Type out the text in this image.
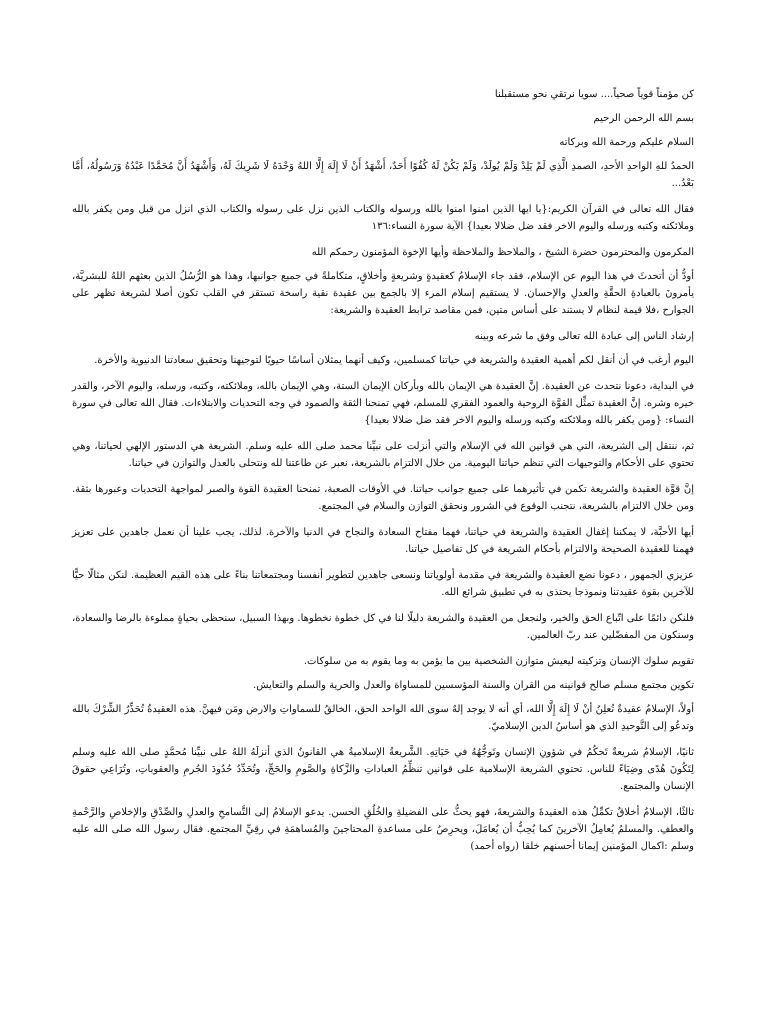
كن مؤمناً قوياً صحياً.... سويا نرتقي نحو مستقبلنا

بسم الله الرحمن الرحيم

السلام عليكم ورحمة الله وبركاته

الحمدُ للهِ الواحدِ الأحدِ، الصمدِ الَّذِي لَمْ يَلِدْ وَلَمْ يُولَدْ، وَلَمْ يَكُنْ لَهُ كُفُوًا أَحَدٌ، أَشْهَدُ أَنْ لَا إِلَهَ إِلَّا اللهُ وَحْدَهُ لَا شَرِيكَ لَهُ، وَأَشْهَدُ أَنَّ مُحَمَّدًا عَبْدُهُ وَرَسُولُهُ، أَمَّا بَعْدُ...

فقال الله تعالى في القرآن الكريم:{يا ايها الذين امنوا امنوا بالله ورسوله والكتاب الذين نزل على رسوله والكتاب الذي انزل من قبل ومن يكفر بالله وملائكته وكتبه ورسله واليوم الاخر فقد ضل ضلالا بعيدا} الآية سورة النساء:١٣٦

المكرمون والمحترمون حضرة الشيخ ، والملاحظ والملاحظة وأيها الإخوة المؤمنون رحمكم الله

أودُّ أن أتحدثَ في هذا اليوم عن الإسلام، فقد جاء الإسلامُ كعقيدةٍ وشريعةٍ وأخلاقٍ، متكاملةً في جميع جوانبها، وهذا هو الرُّسُلُ الذين بعثهم اللهُ للبشريَّة، يأمرونَ بالعبادةِ الحقَّةِ والعدلِ والإحسان. لا يستقيم إسلام المرء إلا بالجمع بين عقيدة نقية راسخة تستقر في القلب تكون أصلا لشريعة تظهر على الجوارح ،فلا قيمة لنظام لا يستند على أساس متين، فمن مقاصد ترابط العقيدة والشريعة:

إرشاد الناس إلى عبادة الله تعالى وفق ما شرعه وبينه

اليوم أرغب في أن أنقل لكم أهمية العقيدة والشريعة في حياتنا كمسلمين، وكيف أنهما يمثلان أساسًا حيويًا لتوجيهنا وتحقيق سعادتنا الدنيوية والأخرة.

في البداية، دعونا نتحدث عن العقيدة. إنَّ العقيدة هي الإيمان بالله وبأركان الإيمان الستة، وهي الإيمان بالله، وملائكته، وكتبه، ورسله، واليوم الآخر، والقدر خيره وشره. إنَّ العقيدة تمثِّل القوَّة الروحية والعمود الفقري للمسلم، فهي تمنحنا الثقة والصمود في وجه التحديات والابتلاءات. فقال الله تعالى في سورة النساء: {ومن يكفر بالله وملائكته وكتبه ورسله واليوم الاخر فقد ضل ضلالا بعيدا}

ثم، ننتقل إلى الشريعة، التي هي قوانين الله في الإسلام والتي أنزلت على نبيِّنا محمد صلى الله عليه وسلم. الشريعة هي الدستور الإلهي لحياتنا، وهي تحتوي على الأحكام والتوجيهات التي تنظم حياتنا اليومية. من خلال الالتزام بالشريعة، نعبر عن طاعتنا لله ونتحلى بالعدل والتوازن في حياتنا.

إنَّ قوَّة العقيدة والشريعة تكمن في تأثيرهما على جميع جوانب حياتنا. في الأوقات الصعبة، تمنحنا العقيدة القوة والصبر لمواجهة التحديات وعبورها بثقة. ومن خلال الالتزام بالشريعة، نتجنب الوقوع في الشرور ونحقق التوازن والسلام في المجتمع.

أيها الأحبَّة، لا يمكننا إغفال العقيدة والشريعة في حياتنا، فهما مفتاح السعادة والنجاح في الدنيا والآخرة. لذلك، يجب علينا أن نعمل جاهدين على تعزيز فهمنا للعقيدة الصحيحة والالتزام بأحكام الشريعة في كل تفاصيل حياتنا.

عزيزي الجمهور ، دعونا نضع العقيدة والشريعة في مقدمة أولوياتنا ونسعى جاهدين لتطوير أنفسنا ومجتمعاتنا بناءً على هذه القيم العظيمة. لنكن مثالًا حيًّا للآخرين بقوة عقيدتنا ونموذجا يحتذى به في تطبيق شرائع الله.

فلنكن دائمًا على اتّباع الحق والخير، ولنجعل من العقيدة والشريعة دليلًا لنا في كل خطوة نخطوها. وبهذا السبيل، سنحظى بحياةٍ مملوءة بالرضا والسعادة، وسنكون من المفضّلين عند ربّ العالمين.

تقويم سلوك الإنسان وتزكيته ليعيش متوازن الشخصية بين ما يؤمن به وما يقوم به من سلوكات.

تكوين مجتمع مسلم صالح قوانينه من القران والسنة المؤسسين للمساواة والعدل والحرية والسلم والتعايش.

أولاً، الإسلامُ عقيدةٌ تُعلِنُ أنْ لَا إِلَهَ إِلَّا الله، أي أنه لا يوجد إلهٌ سوى الله الواحد الحق، الخالقُ للسماواتِ والارض ومَن فيهنَّ. هذه العقيدةُ تُحَذِّرُ الشِّرْكَ بالله وتدعُو إلى التَّوحيدِ الذي هو أساسُ الدين الإسلاميّ.

ثانيًا، الإسلامُ شريعةٌ تَحكُمُ في شؤونِ الإنسان وتَوجُّهُهُ في حَيَاتِهِ. الشَّريعةُ الإسلاميةُ هي القانونُ الذي أنزلَهُ اللهُ على نبيِّنا مُحمَّدٍ صلى الله عليه وسلم لِتَكُونَ هُدًى وضِيَاءً للناس. تحتوي الشريعة الإسلامية على قوانين تنظِّمُ العباداتِ والزَّكاةِ والصَّومِ والحَجِّ، وتُحَدِّدُ حُدُودَ الجُرمِ والعقوباتِ، وتُرَاعِي حقوقَ الإنسان والمجتمع.

ثالثًا، الإسلامُ أخلاقٌ تكمِّلُ هذه العقيدةَ والشريعةَ، فهو يحثُّ على الفضيلةِ والخُلُقِ الحسن. يدعو الإسلامُ إلى التَّسامحِ والعدلِ والصِّدْقِ والإخلاصِ والرَّحْمةِ والعطفِ. والمسلمُ يُعامِلُ الآخرينَ كما يُحِبُّ أن يُعامَلَ، ويحرِصُ على مساعدةِ المحتاجينَ والمُساهمَةِ في رقِيِّ المجتمع. فقال رسول الله صلى الله عليه وسلم :اكمال المؤمنين إيمانا أحسنهم خلقا (رواه أحمد)
